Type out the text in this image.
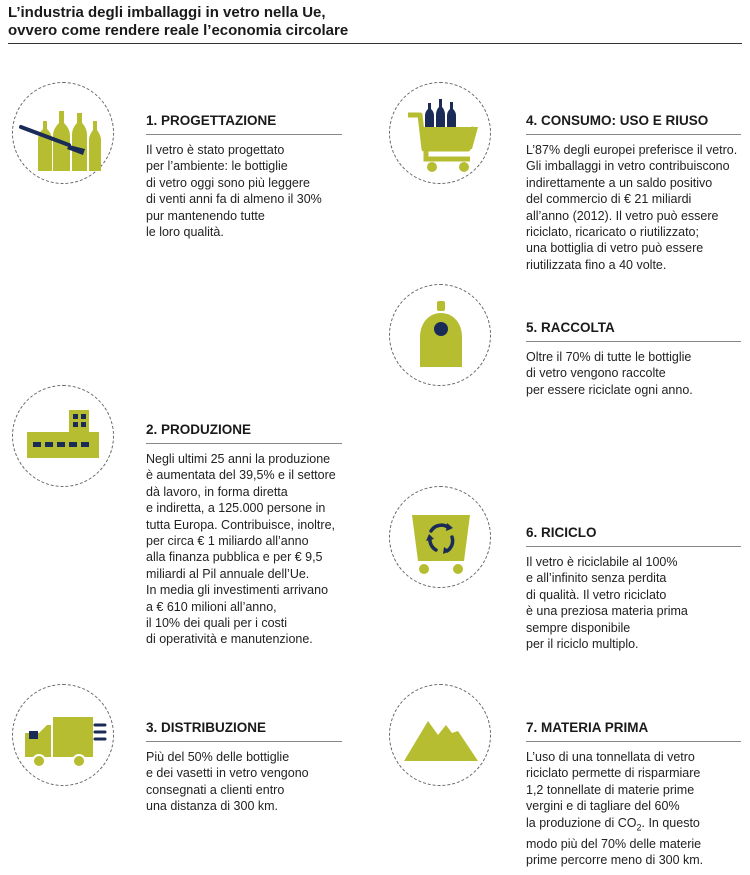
L’industria degli imballaggi in vetro nella Ue,
ovvero come rendere reale l’economia circolare
1. PROGETTAZIONE
Il vetro è stato progettato
per l’ambiente: le bottiglie
di vetro oggi sono più leggere
di venti anni fa di almeno il 30%
pur mantenendo tutte
le loro qualità.
4. CONSUMO: USO E RIUSO
L’87% degli europei preferisce il vetro.
Gli imballaggi in vetro contribuiscono
indirettamente a un saldo positivo
del commercio di € 21 miliardi
all’anno (2012). Il vetro può essere
riciclato, ricaricato o riutilizzato;
una bottiglia di vetro può essere
riutilizzata fino a 40 volte.
5. RACCOLTA
Oltre il 70% di tutte le bottiglie
di vetro vengono raccolte
per essere riciclate ogni anno.
2. PRODUZIONE
Negli ultimi 25 anni la produzione
è aumentata del 39,5% e il settore
dà lavoro, in forma diretta
e indiretta, a 125.000 persone in
tutta Europa. Contribuisce, inoltre,
per circa € 1 miliardo all’anno
alla finanza pubblica e per € 9,5
miliardi al Pil annuale dell’Ue.
In media gli investimenti arrivano
a € 610 milioni all’anno,
il 10% dei quali per i costi
di operatività e manutenzione.
6. RICICLO
Il vetro è riciclabile al 100%
e all’infinito senza perdita
di qualità. Il vetro riciclato
è una preziosa materia prima
sempre disponibile
per il riciclo multiplo.
3. DISTRIBUZIONE
Più del 50% delle bottiglie
e dei vasetti in vetro vengono
consegnati a clienti entro
una distanza di 300 km.
7. MATERIA PRIMA
L’uso di una tonnellata di vetro
riciclato permette di risparmiare
1,2 tonnellate di materie prime
vergini e di tagliare del 60%
la produzione di $CO_2$. In questo
modo più del 70% delle materie
prime percorre meno di 300 km.
